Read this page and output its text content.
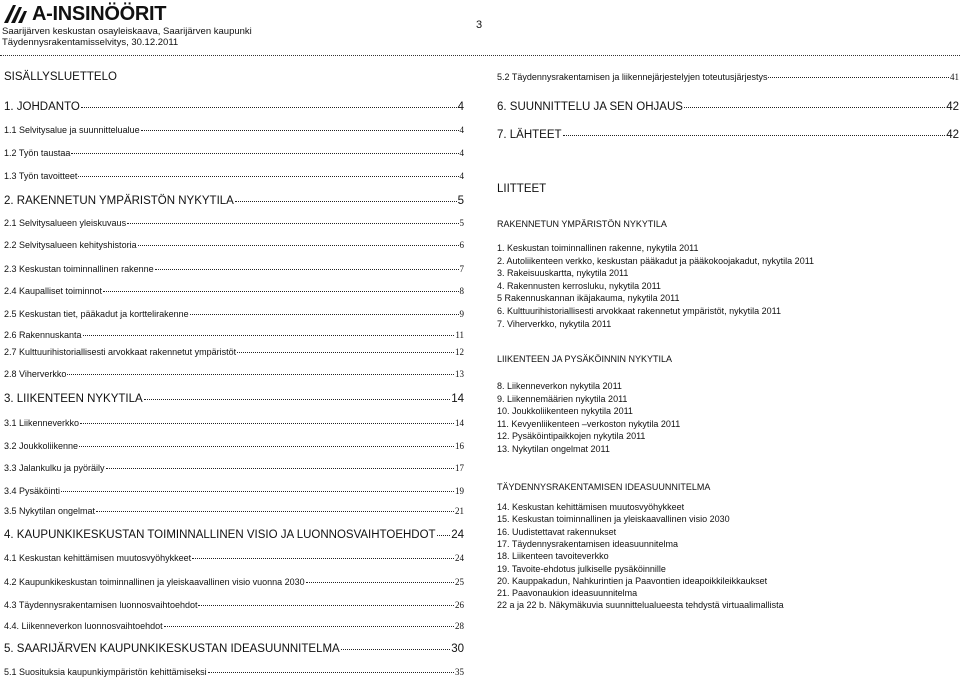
A-INSINÖÖRIT
Saarijärven keskustan osayleiskaava, Saarijärven kaupunki
Täydennysrakentamisselvitys, 30.12.2011
3
SISÄLLYSLUETTELO
1. JOHDANTO	4
1.1 Selvitysalue ja suunnittelualue	4
1.2 Työn taustaa	4
1.3 Työn tavoitteet	4
2. RAKENNETUN YMPÄRISTÖN NYKYTILA	5
2.1 Selvitysalueen yleiskuvaus	5
2.2 Selvitysalueen kehityshistoria	6
2.3 Keskustan toiminnallinen rakenne	7
2.4 Kaupalliset toiminnot	8
2.5 Keskustan tiet, pääkadut ja korttelirakenne	9
2.6 Rakennuskanta	11
2.7 Kulttuurihistoriallisesti arvokkaat rakennetut ympäristöt	12
2.8 Viherverkko	13
3. LIIKENTEEN NYKYTILA	14
3.1 Liikenneverkko	14
3.2 Joukkoliikenne	16
3.3 Jalankulku ja pyöräily	17
3.4 Pysäköinti	19
3.5 Nykytilan ongelmat	21
4. KAUPUNKIKESKUSTAN TOIMINNALLINEN VISIO JA LUONNOSVAIHTOEHDOT 24
4.1 Keskustan kehittämisen muutosvyöhykkeet	24
4.2 Kaupunkikeskustan toiminnallinen ja yleiskaavallinen visio vuonna 2030	25
4.3 Täydennysrakentamisen luonnosvaihtoehdot	26
4.4. Liikenneverkon luonnosvaihtoehdot	28
5. SAARIJÄRVEN KAUPUNKIKESKUSTAN IDEASUUNNITELMA	30
5.1 Suosituksia kaupunkiympäristön kehittämiseksi	35
5.2 Täydennysrakentamisen ja liikennejärjestelyjen toteutusjärjestys	41
6. SUUNNITTELU JA SEN OHJAUS	42
7. LÄHTEET	42
LIITTEET
RAKENNETUN YMPÄRISTÖN NYKYTILA
1. Keskustan toiminnallinen rakenne, nykytila 2011
2. Autoliikenteen verkko, keskustan pääkadut ja pääkokoojakadut, nykytila 2011
3. Rakeisuuskartta, nykytila 2011
4. Rakennusten kerrosluku, nykytila 2011
5 Rakennuskannan ikäjakauma, nykytila 2011
6. Kulttuurihistoriallisesti arvokkaat rakennetut ympäristöt, nykytila 2011
7. Viherverkko, nykytila 2011
LIIKENTEEN JA PYSÄKÖINNIN NYKYTILA
8. Liikenneverkon nykytila 2011
9. Liikennemäärien nykytila 2011
10. Joukkoliikenteen nykytila 2011
11. Kevyenliikenteen –verkoston nykytila 2011
12. Pysäköintipaikkojen nykytila 2011
13. Nykytilan ongelmat 2011
TÄYDENNYSRAKENTAMISEN IDEASUUNNITELMA
14. Keskustan kehittämisen muutosvyöhykkeet
15. Keskustan toiminnallinen ja yleiskaavallinen visio 2030
16. Uudistettavat rakennukset
17. Täydennysrakentamisen ideasuunnitelma
18. Liikenteen tavoiteverkko
19. Tavoite-ehdotus julkiselle pysäköinnille
20. Kauppakadun, Nahkurintien ja Paavontien ideapoikkileikkaukset
21. Paavonaukion ideasuunnitelma
22 a ja 22 b. Näkymäkuvia suunnittelualueesta tehdystä virtuaalimallista
